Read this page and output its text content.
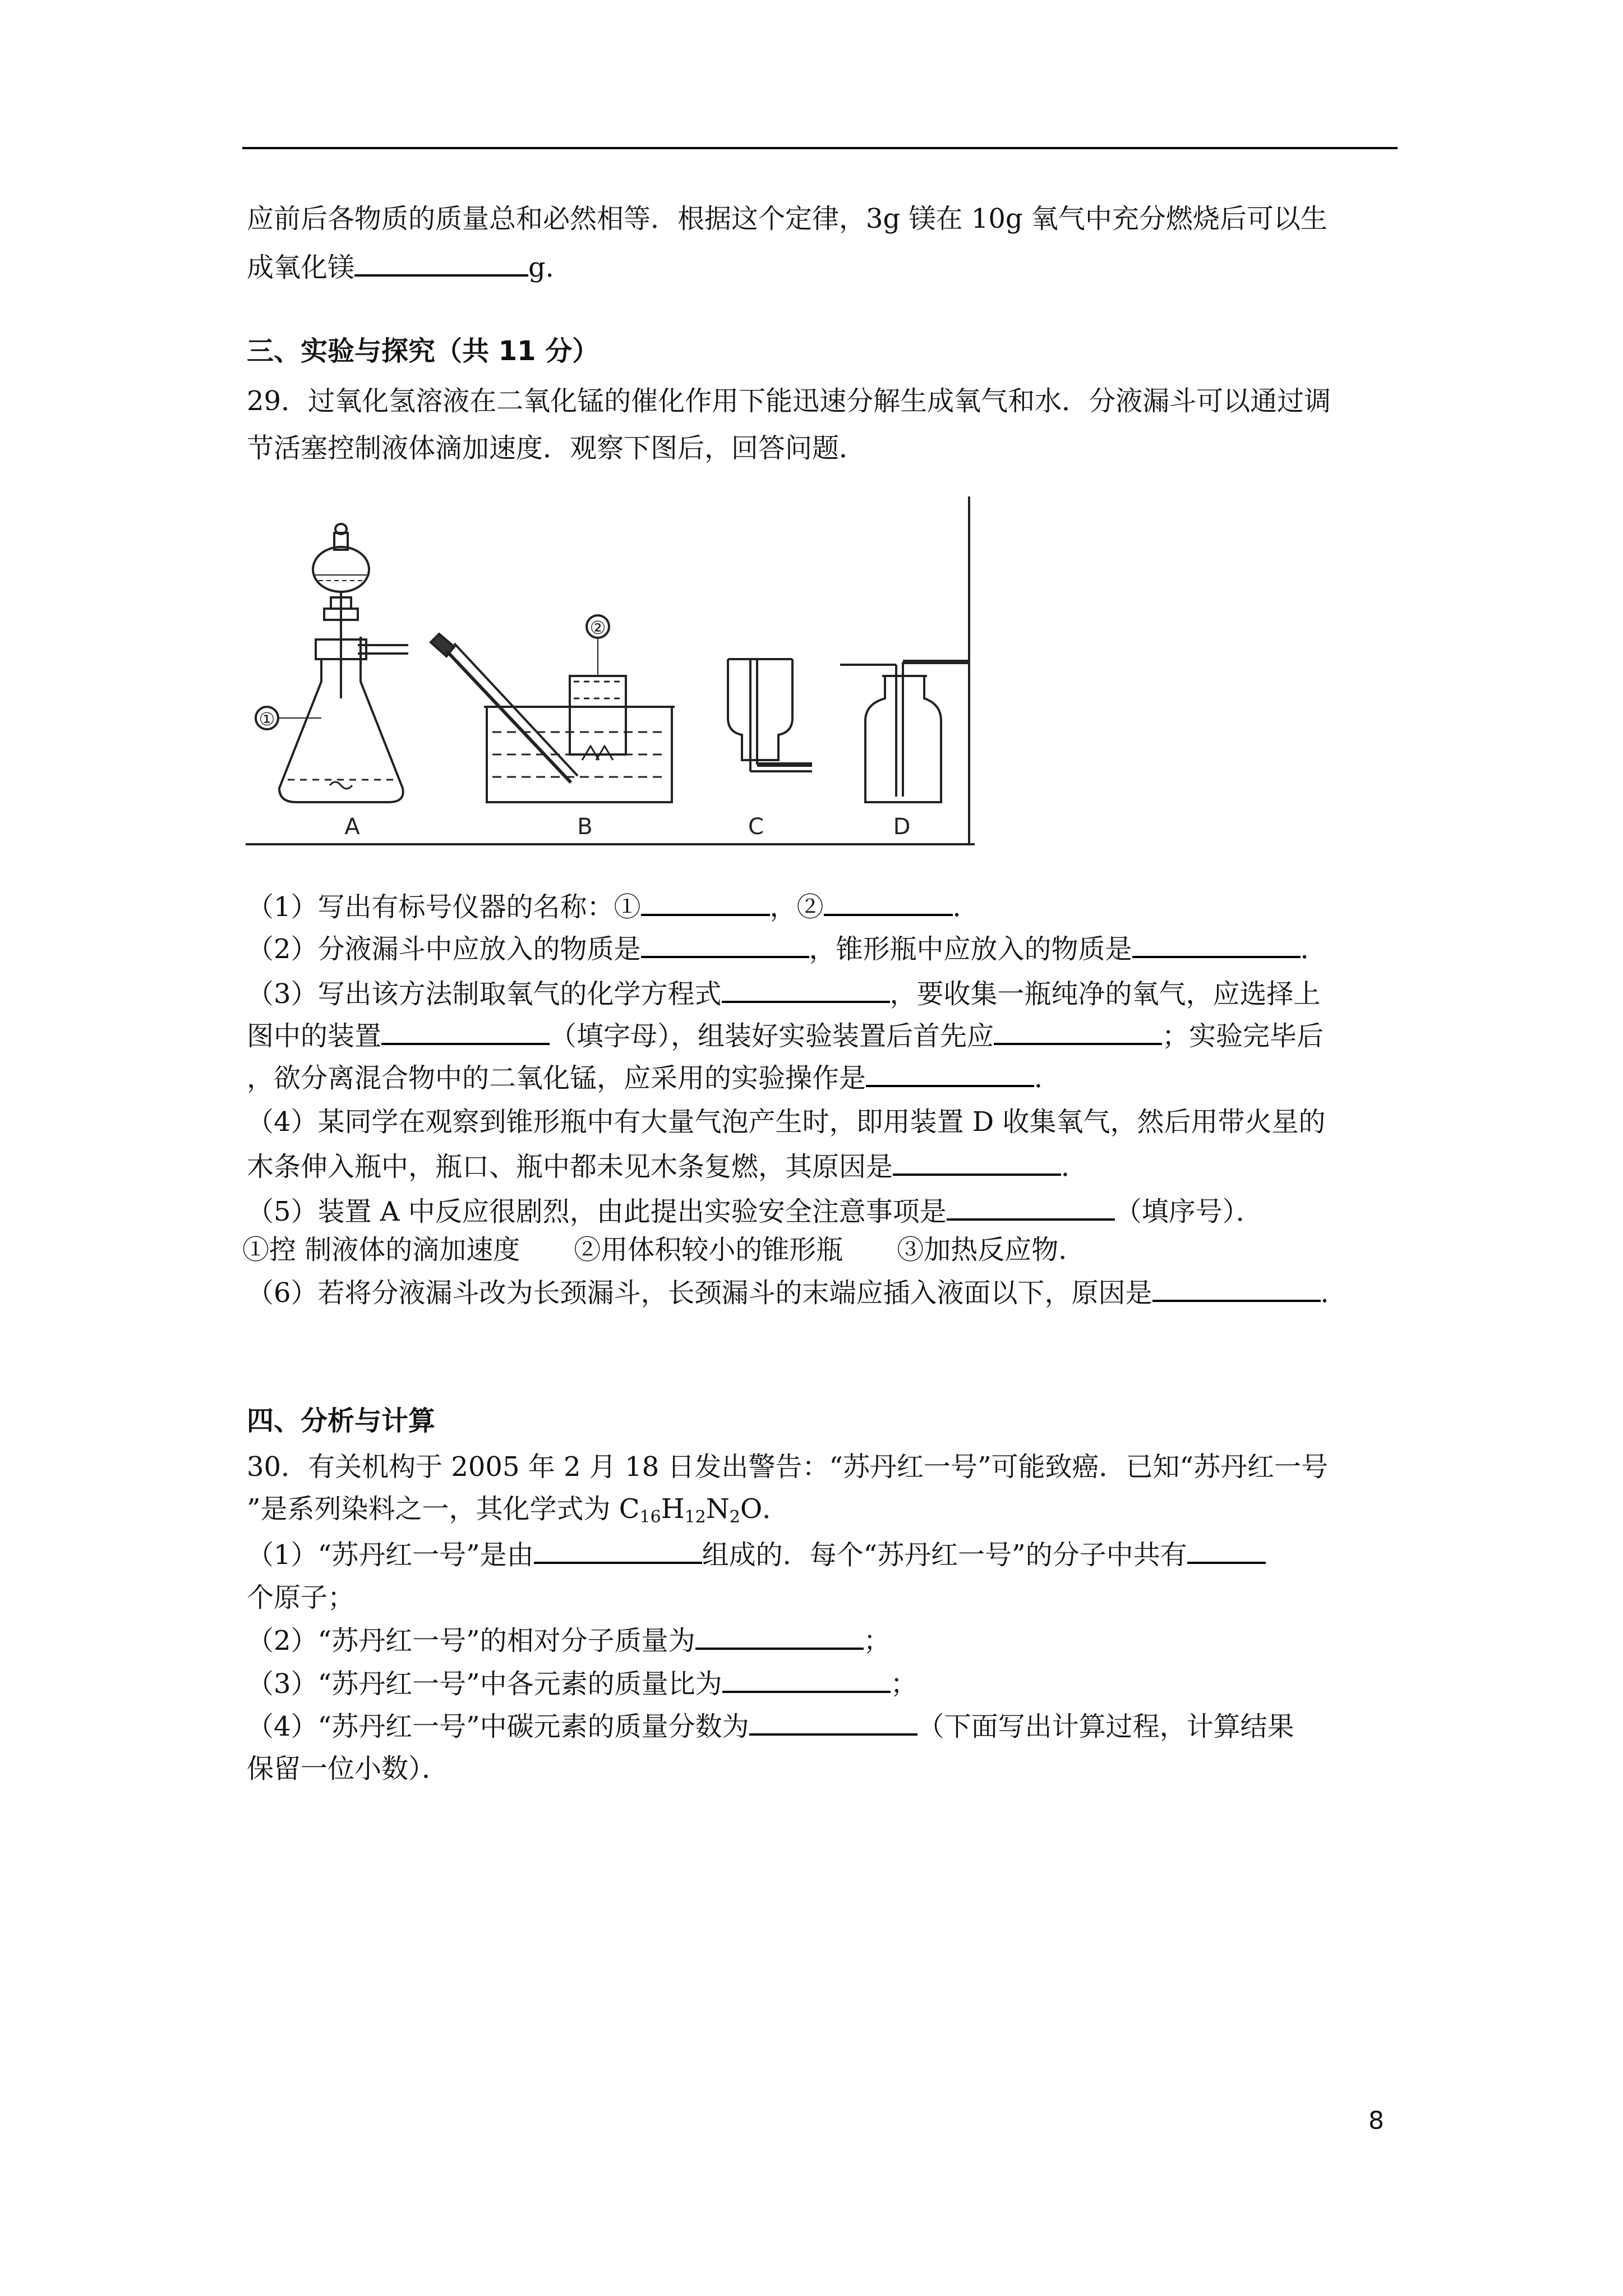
应前后各物质的质量总和必然相等．根据这个定律，3g 镁在 10g 氧气中充分燃烧后可以生
成氧化镁	g．
三、实验与探究（共 11 分）
29．过氧化氢溶液在二氧化锰的催化作用下能迅速分解生成氧气和水．分液漏斗可以通过调
节活塞控制液体滴加速度．观察下图后，回答问题．
①
②
A	B	C	D
（1）写出有标号仪器的名称：①	，②	．
（2）分液漏斗中应放入的物质是	，锥形瓶中应放入的物质是	．
（3）写出该方法制取氧气的化学方程式	，要收集一瓶纯净的氧气，应选择上
图中的装置	（填字母），组装好实验装置后首先应	；实验完毕后
，欲分离混合物中的二氧化锰，应采用的实验操作是	．
（4）某同学在观察到锥形瓶中有大量气泡产生时，即用装置 D 收集氧气，然后用带火星的
木条伸入瓶中，瓶口、瓶中都未见木条复燃，其原因是	．
（5）装置 A 中反应很剧烈，由此提出实验安全注意事项是	（填序号）．
①控 制液体的滴加速度　　②用体积较小的锥形瓶　　③加热反应物．
（6）若将分液漏斗改为长颈漏斗，长颈漏斗的末端应插入液面以下，原因是	．
四、分析与计算
30．有关机构于 2005 年 2 月 18 日发出警告：“苏丹红一号”可能致癌．已知“苏丹红一号
”是系列染料之一，其化学式为 $C_{16}H_{12}N_2O$．
（1）“苏丹红一号”是由	组成的．每个“苏丹红一号”的分子中共有
个原子；
（2）“苏丹红一号”的相对分子质量为	；
（3）“苏丹红一号”中各元素的质量比为	；
（4）“苏丹红一号”中碳元素的质量分数为	（下面写出计算过程，计算结果
保留一位小数）．
8
